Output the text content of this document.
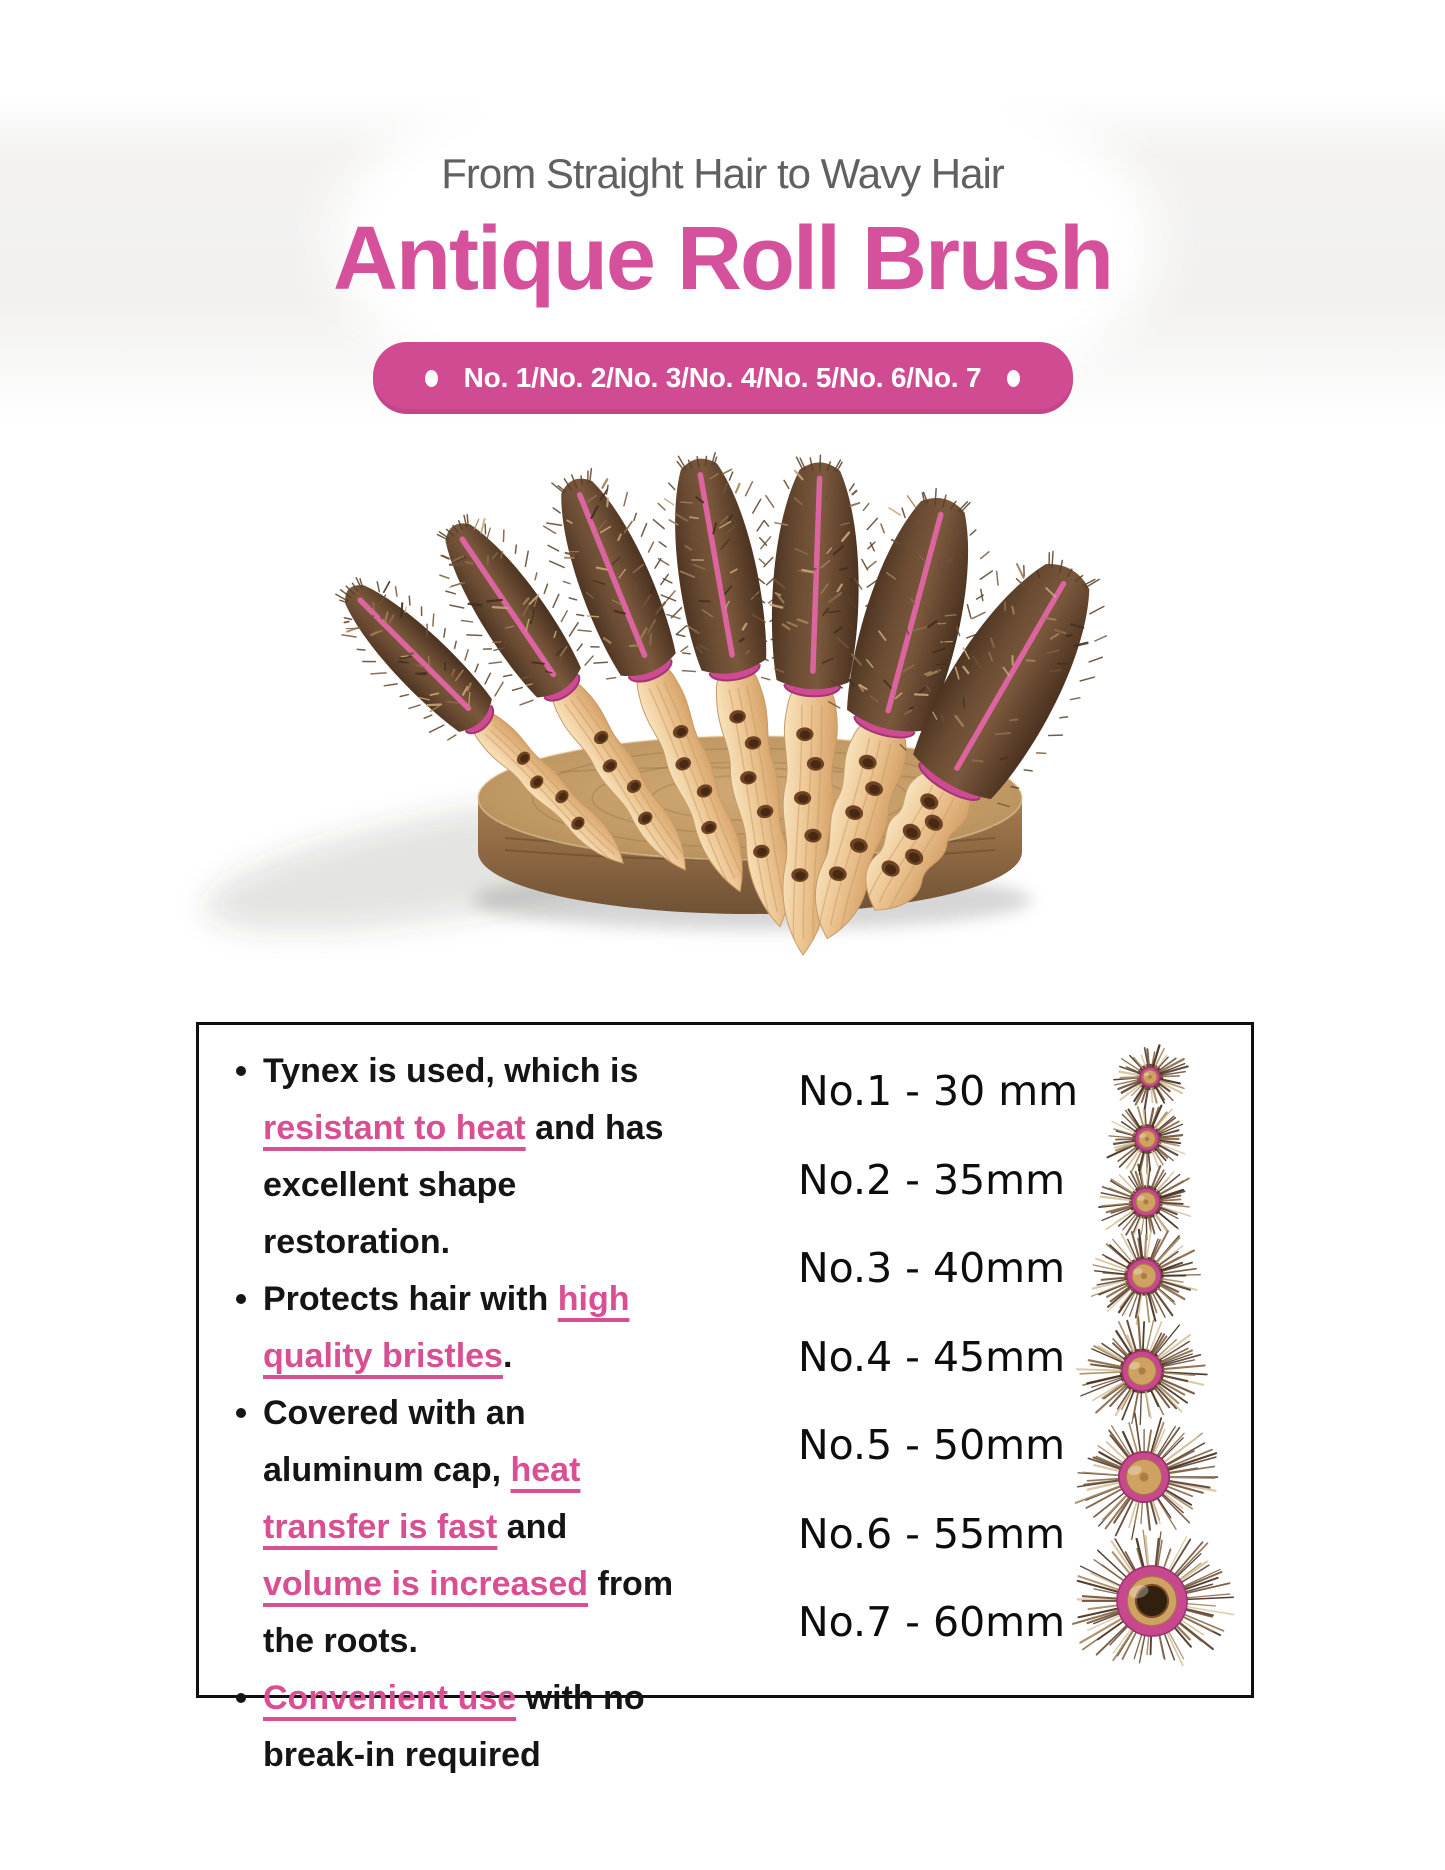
From Straight Hair to Wavy Hair
Antique Roll Brush
No. 1/No. 2/No. 3/No. 4/No. 5/No. 6/No. 7
Tynex is used, which is resistant to heat and has excellent shape restoration.
Protects hair with high quality bristles.
Covered with an aluminum cap, heat transfer is fast and volume is increased from the roots.
Convenient use with no break-in required
No.1 - 30 mm
No.2 - 35mm
No.3 - 40mm
No.4 - 45mm
No.5 - 50mm
No.6 - 55mm
No.7 - 60mm
